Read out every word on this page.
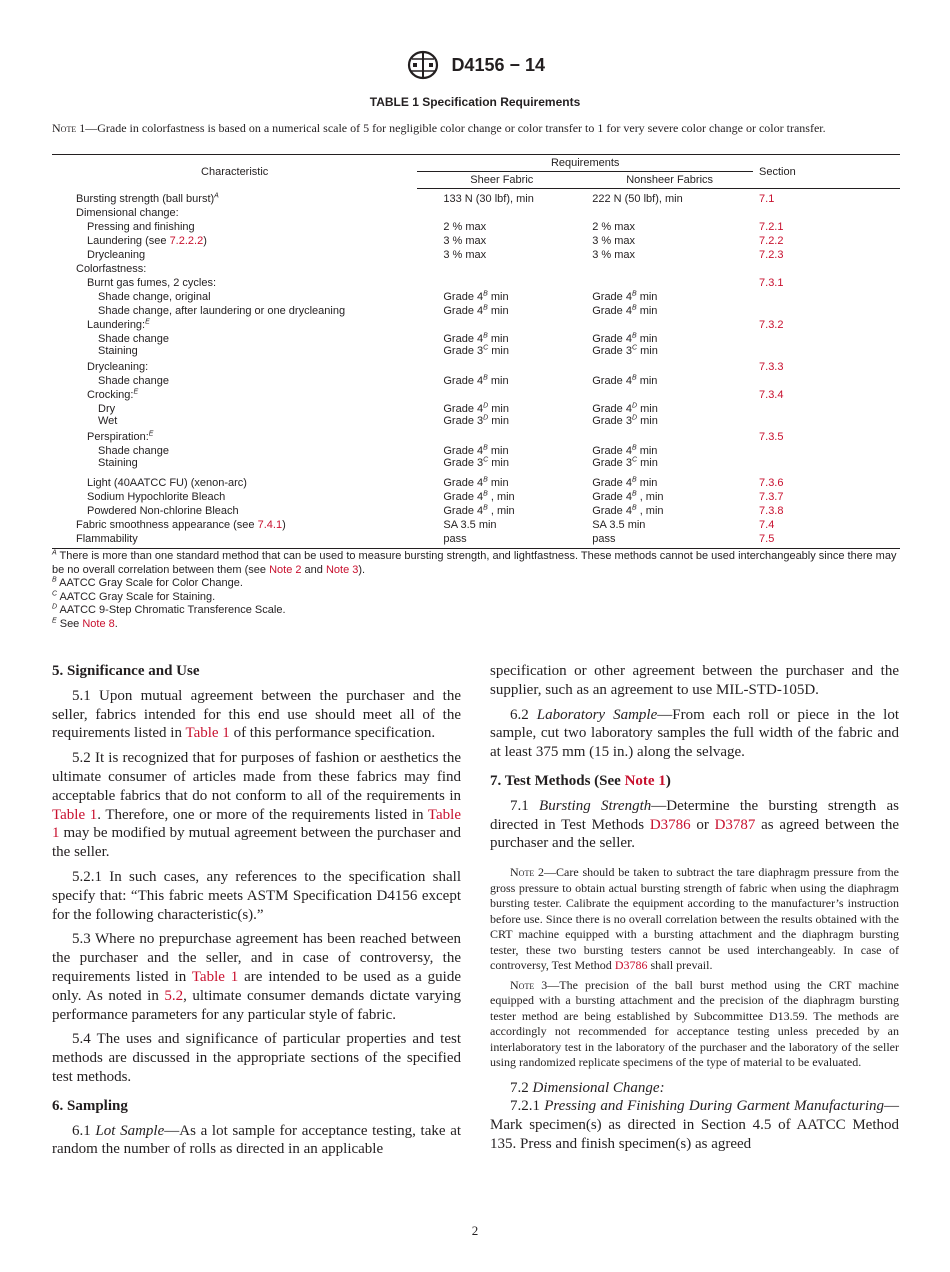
D4156 − 14
TABLE 1 Specification Requirements
Note 1—Grade in colorfastness is based on a numerical scale of 5 for negligible color change or color transfer to 1 for very severe color change or color transfer.
Characteristic	Requirements		Section
	Sheer Fabric	Nonsheer Fabrics	
Bursting strength (ball burst)$^A$	133 N (30 lbf), min	222 N (50 lbf), min	7.1
Dimensional change:			
Pressing and finishing	2 % max	2 % max	7.2.1
Laundering (see 7.2.2.2)	3 % max	3 % max	7.2.2
Drycleaning	3 % max	3 % max	7.2.3
Colorfastness:			
Burnt gas fumes, 2 cycles:			7.3.1
Shade change, original	Grade $4^B$ min	Grade $4^B$ min	
Shade change, after laundering or one drycleaning	Grade $4^B$ min	Grade $4^B$ min	
Laundering:$^E$			7.3.2
Shade change	Grade $4^B$ min	Grade $4^B$ min	
Staining	Grade $3^C$ min	Grade $3^C$ min	
Drycleaning:			7.3.3
Shade change	Grade $4^B$ min	Grade $4^B$ min	
Crocking:$^E$			7.3.4
Dry	Grade $4^D$ min	Grade $4^D$ min	
Wet	Grade $3^D$ min	Grade $3^D$ min	
Perspiration:$^E$			7.3.5
Shade change	Grade $4^B$ min	Grade $4^B$ min	
Staining	Grade $3^C$ min	Grade $3^C$ min	
Light (40AATCC FU) (xenon-arc)	Grade $4^B$ min	Grade $4^B$ min	7.3.6
Sodium Hypochlorite Bleach	Grade $4^B$ , min	Grade $4^B$ , min	7.3.7
Powdered Non-chlorine Bleach	Grade $4^B$ , min	Grade $4^B$ , min	7.3.8
Fabric smoothness appearance (see 7.4.1)	SA 3.5 min	SA 3.5 min	7.4
Flammability	pass	pass	7.5

$^A$ There is more than one standard method that can be used to measure bursting strength, and lightfastness. These methods cannot be used interchangeably since there may be no overall correlation between them (see Note 2 and Note 3).

$^B$ AATCC Gray Scale for Color Change.

$^C$ AATCC Gray Scale for Staining.

$^D$ AATCC 9-Step Chromatic Transference Scale.

$^E$ See Note 8.

5. Significance and Use

5.1 Upon mutual agreement between the purchaser and the seller, fabrics intended for this end use should meet all of the requirements listed in Table 1 of this performance specification.

5.2 It is recognized that for purposes of fashion or aesthetics the ultimate consumer of articles made from these fabrics may find acceptable fabrics that do not conform to all of the requirements in Table 1. Therefore, one or more of the requirements listed in Table 1 may be modified by mutual agreement between the purchaser and the seller.

5.2.1 In such cases, any references to the specification shall specify that: “This fabric meets ASTM Specification D4156 except for the following characteristic(s).”

5.3 Where no prepurchase agreement has been reached between the purchaser and the seller, and in case of controversy, the requirements listed in Table 1 are intended to be used as a guide only. As noted in 5.2, ultimate consumer demands dictate varying performance parameters for any particular style of fabric.

5.4 The uses and significance of particular properties and test methods are discussed in the appropriate sections of the specified test methods.

6. Sampling

6.1 Lot Sample—As a lot sample for acceptance testing, take at random the number of rolls as directed in an applicable

specification or other agreement between the purchaser and the supplier, such as an agreement to use MIL-STD-105D.

6.2 Laboratory Sample—From each roll or piece in the lot sample, cut two laboratory samples the full width of the fabric and at least 375 mm (15 in.) along the selvage.

7. Test Methods (See Note 1)

7.1 Bursting Strength—Determine the bursting strength as directed in Test Methods D3786 or D3787 as agreed between the purchaser and the seller.

Note 2—Care should be taken to subtract the tare diaphragm pressure from the gross pressure to obtain actual bursting strength of fabric when using the diaphragm bursting tester. Calibrate the equipment according to the manufacturer’s instruction before use. Since there is no overall correlation between the results obtained with the CRT machine equipped with a bursting attachment and the diaphragm bursting tester, these two bursting testers cannot be used interchangeably. In case of controversy, Test Method D3786 shall prevail.

Note 3—The precision of the ball burst method using the CRT machine equipped with a bursting attachment and the precision of the diaphragm bursting tester method are being established by Subcommittee D13.59. The methods are accordingly not recommended for acceptance testing unless preceded by an interlaboratory test in the laboratory of the purchaser and the laboratory of the seller using randomized replicate specimens of the type of material to be evaluated.

7.2 Dimensional Change:

7.2.1 Pressing and Finishing During Garment Manufacturing—Mark specimen(s) as directed in Section 4.5 of AATCC Method 135. Press and finish specimen(s) as agreed

2
